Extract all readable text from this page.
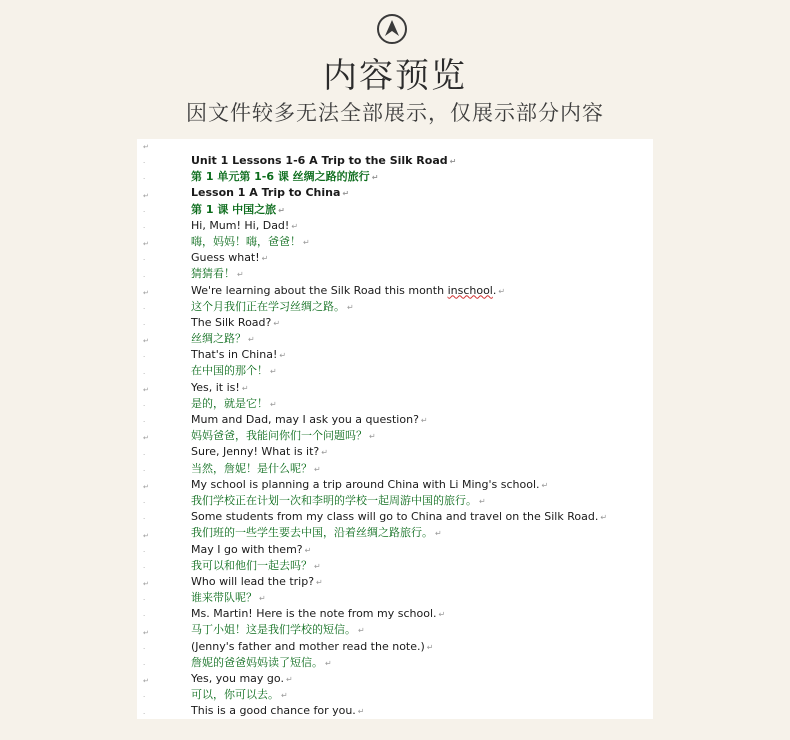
内容预览
因文件较多无法全部展示，仅展示部分内容
↵
·
·
↵
·
·
↵
·
·
↵
·
·
↵
·
·
↵
·
·
↵
·
·
↵
·
·
↵
·
·
↵
·
·
↵
·
·
↵
·
·
Unit 1 Lessons 1-6 A Trip to the Silk Road ↵
第 1 单元第 1-6 课 丝绸之路的旅行 ↵
Lesson 1 A Trip to China ↵
第 1 课 中国之旅 ↵
Hi, Mum! Hi, Dad! ↵
嗨，妈妈！嗨，爸爸！ ↵
Guess what! ↵
猜猜看！ ↵
We're learning about the Silk Road this month inschool. ↵
这个月我们正在学习丝绸之路。 ↵
The Silk Road? ↵
丝绸之路？ ↵
That's in China! ↵
在中国的那个！ ↵
Yes, it is! ↵
是的，就是它！ ↵
Mum and Dad, may I ask you a question? ↵
妈妈爸爸，我能问你们一个问题吗？ ↵
Sure, Jenny! What is it? ↵
当然，詹妮！是什么呢？ ↵
My school is planning a trip around China with Li Ming's school. ↵
我们学校正在计划一次和李明的学校一起周游中国的旅行。 ↵
Some students from my class will go to China and travel on the Silk Road. ↵
我们班的一些学生要去中国，沿着丝绸之路旅行。 ↵
May I go with them? ↵
我可以和他们一起去吗？ ↵
Who will lead the trip? ↵
谁来带队呢？ ↵
Ms. Martin! Here is the note from my school. ↵
马丁小姐！这是我们学校的短信。 ↵
(Jenny's father and mother read the note.) ↵
詹妮的爸爸妈妈读了短信。 ↵
Yes, you may go. ↵
可以，你可以去。 ↵
This is a good chance for you. ↵
